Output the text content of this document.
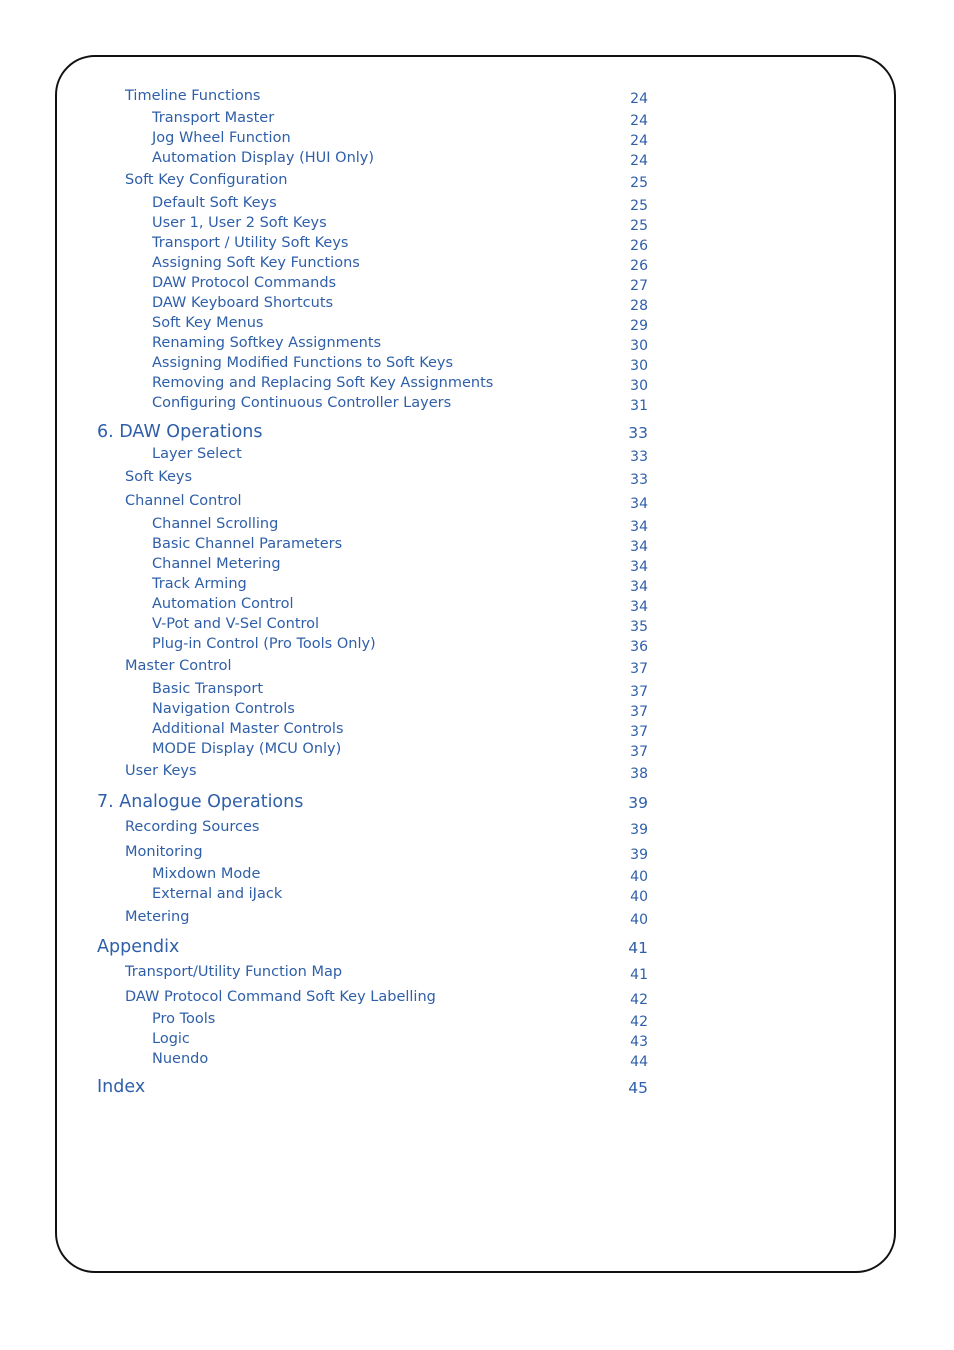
Timeline Functions	24
Transport Master	24
Jog Wheel Function	24
Automation Display (HUI Only)	24
Soft Key Configuration	25
Default Soft Keys	25
User 1, User 2 Soft Keys	25
Transport / Utility Soft Keys	26
Assigning Soft Key Functions	26
DAW Protocol Commands	27
DAW Keyboard Shortcuts	28
Soft Key Menus	29
Renaming Softkey Assignments	30
Assigning Modified Functions to Soft Keys	30
Removing and Replacing Soft Key Assignments	30
Configuring Continuous Controller Layers	31
6. DAW Operations	33
Layer Select	33
Soft Keys	33
Channel Control	34
Channel Scrolling	34
Basic Channel Parameters	34
Channel Metering	34
Track Arming	34
Automation Control	34
V-Pot and V-Sel Control	35
Plug-in Control (Pro Tools Only)	36
Master Control	37
Basic Transport	37
Navigation Controls	37
Additional Master Controls	37
MODE Display (MCU Only)	37
User Keys	38
7. Analogue Operations	39
Recording Sources	39
Monitoring	39
Mixdown Mode	40
External and iJack	40
Metering	40
Appendix	41
Transport/Utility Function Map	41
DAW Protocol Command Soft Key Labelling	42
Pro Tools	42
Logic	43
Nuendo	44
Index	45
